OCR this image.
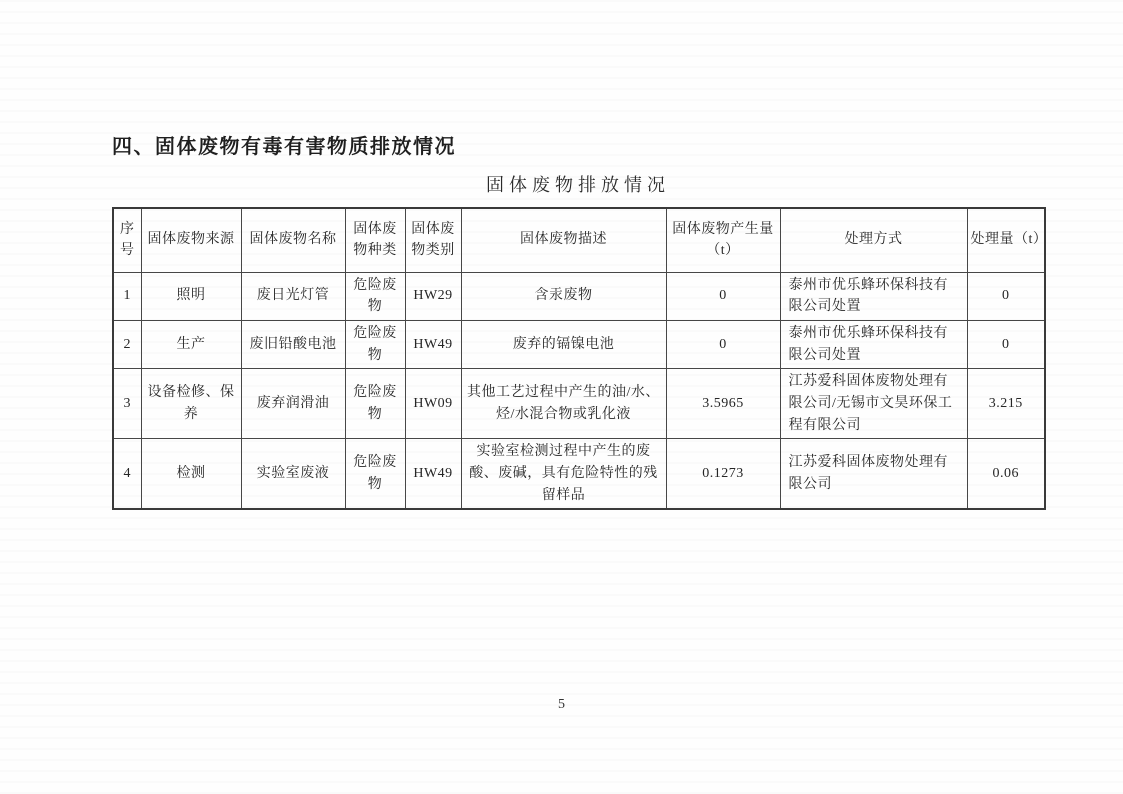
四、固体废物有毒有害物质排放情况
固体废物排放情况
序号	固体废物来源	固体废物名称	固体废物种类	固体废物类别	固体废物描述	固体废物产生量（t）	处理方式	处理量（t）
1	照明	废日光灯管	危险废物	HW29	含汞废物	0	泰州市优乐蜂环保科技有限公司处置	0
2	生产	废旧铅酸电池	危险废物	HW49	废弃的镉镍电池	0	泰州市优乐蜂环保科技有限公司处置	0
3	设备检修、保养	废弃润滑油	危险废物	HW09	其他工艺过程中产生的油/水、烃/水混合物或乳化液	3.5965	江苏爱科固体废物处理有限公司/无锡市文昊环保工程有限公司	3.215
4	检测	实验室废液	危险废物	HW49	实验室检测过程中产生的废酸、废碱，具有危险特性的残留样品	0.1273	江苏爱科固体废物处理有限公司	0.06
5
